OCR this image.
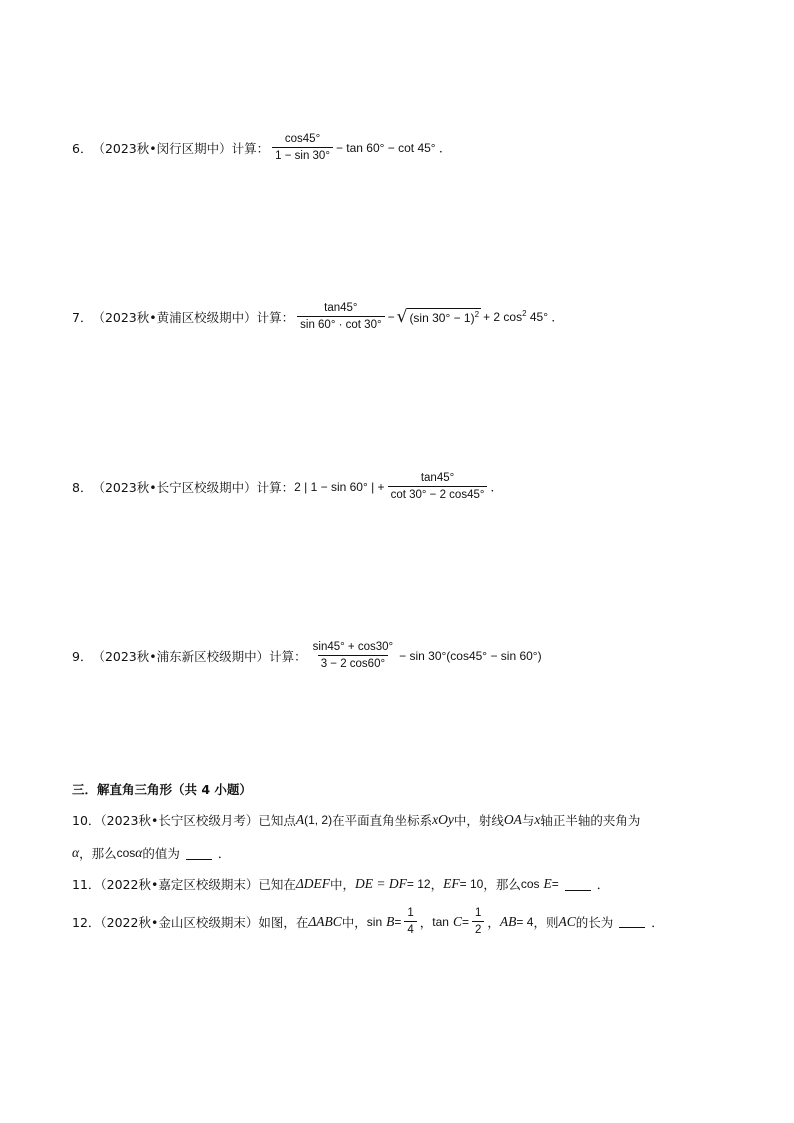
6． （2023秋•闵行区期中）计算： $\frac{\cos 45^\circ}{1 - \sin 30^\circ} - \tan 60^\circ - \cot 45^\circ$ ．
7． （2023秋•黄浦区校级期中）计算： $\frac{\tan 45^\circ}{\sin 60^\circ \cdot \cot 30^\circ}$ − √ (sin 30° − 1)$^2$ + 2 $\cos^2 45^\circ$ ．
8． （2023秋•长宁区校级期中）计算： 2 | 1 − sin 60° | + $\frac{\tan 45^\circ}{\cot 30^\circ - 2 \cos 45^\circ}$ ．
9． （2023秋•浦东新区校级期中）计算： $\frac{\sin 45^\circ + \cos 30^\circ}{3 - 2 \cos 60^\circ} - \sin 30^\circ(\cos 45^\circ - \sin 60^\circ)$
三．解直角三角形（共 4 小题）
10．（2023秋•长宁区校级月考）已知点 A (1, 2) 在平面直角坐标系 xOy 中，射线 OA 与 x 轴正半轴的夹角为
α ，那么 cos α 的值为	．
11．（2022秋•嘉定区校级期末）已知在 ΔDEF 中， DE = DF = 12 ， EF = 10 ，那么 cos
E =	．
12．（2022秋•金山区校级期末）如图，在 ΔABC 中， sin
$B = \frac{1}{4}$ ， tan
$C = \frac{1}{2}$ ， AB = 4 ，则 AC 的长为	．
